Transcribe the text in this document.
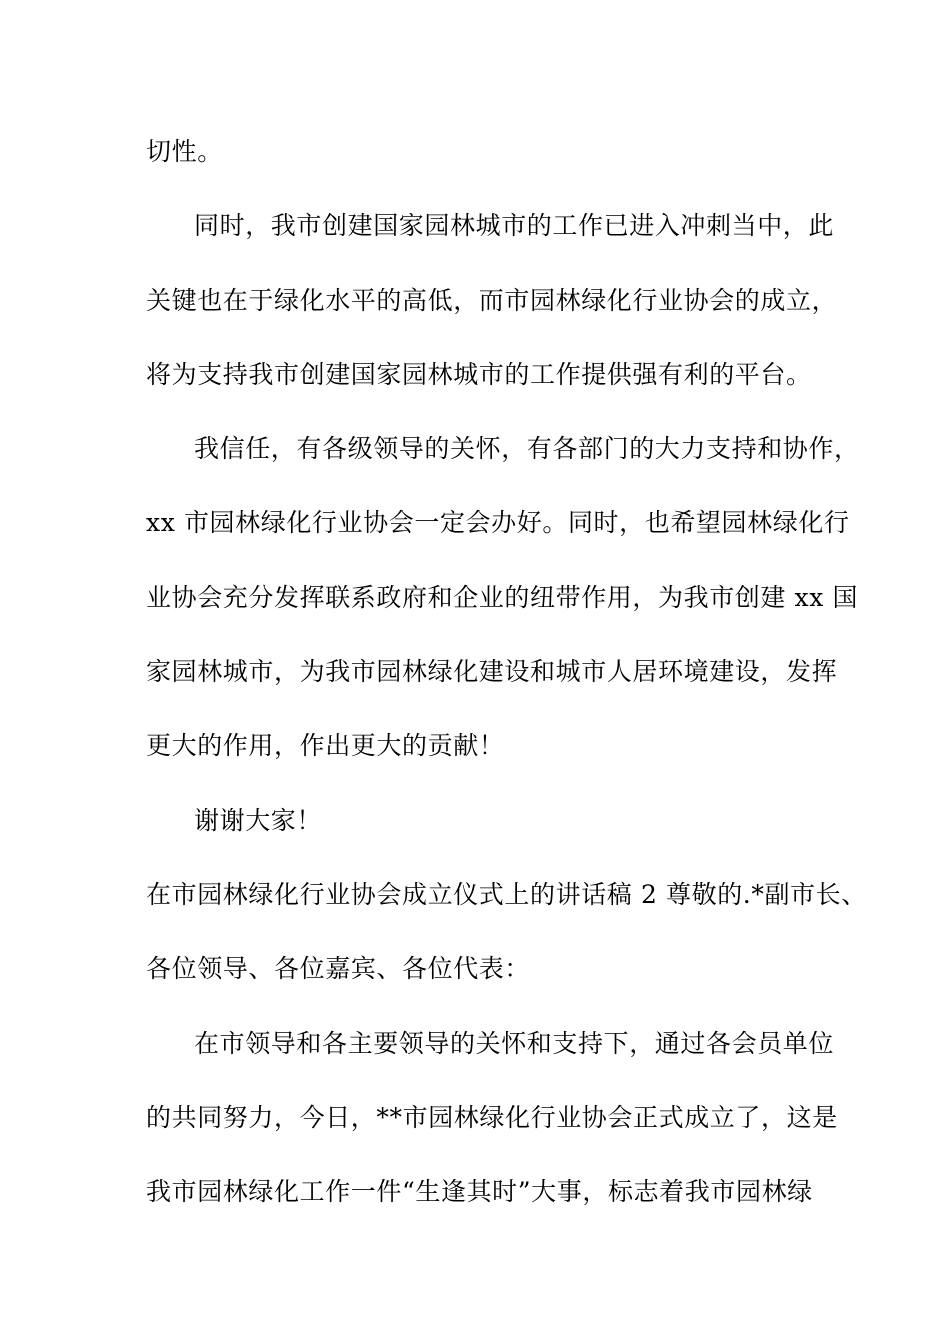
切性。
同时，我市创建国家园林城市的工作已进入冲刺当中，此
关键也在于绿化水平的高低，而市园林绿化行业协会的成立，
将为支持我市创建国家园林城市的工作提供强有利的平台。
我信任，有各级领导的关怀，有各部门的大力支持和协作，
xx 市园林绿化行业协会一定会办好。同时，也希望园林绿化行
业协会充分发挥联系政府和企业的纽带作用，为我市创建 xx 国
家园林城市，为我市园林绿化建设和城市人居环境建设，发挥
更大的作用，作出更大的贡献！
谢谢大家！
在市园林绿化行业协会成立仪式上的讲话稿 2 尊敬的.*副市长、
各位领导、各位嘉宾、各位代表：
在市领导和各主要领导的关怀和支持下，通过各会员单位
的共同努力，今日，**市园林绿化行业协会正式成立了，这是
我市园林绿化工作一件“生逢其时”大事，标志着我市园林绿
